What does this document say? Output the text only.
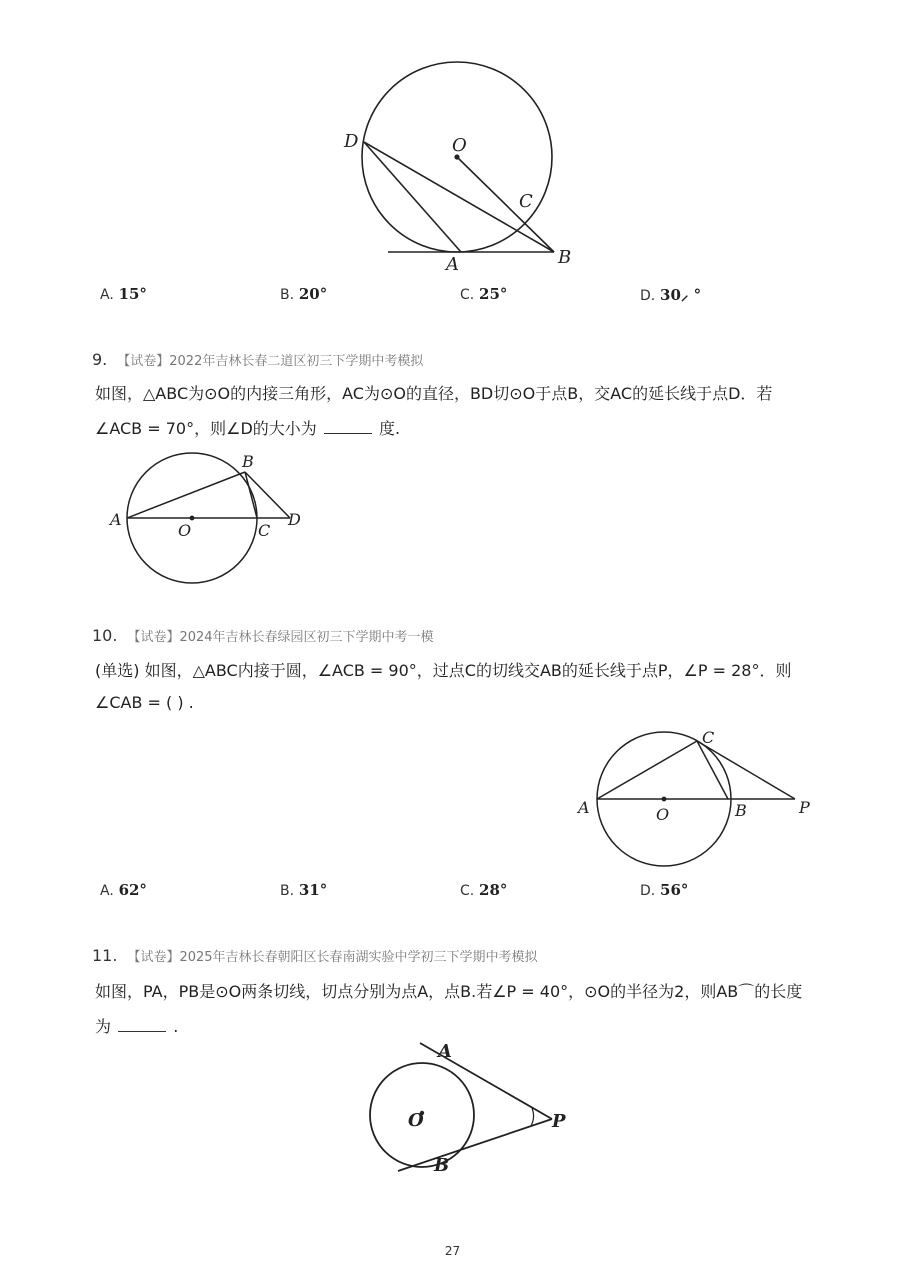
D	O
C
A	B
A. 15°	B. 20°	C. 25°	D. 30⸝ °
9. 【试卷】2022年吉林长春二道区初三下学期中考模拟
如图，△ABC为⊙O的内接三角形，AC为⊙O的直径，BD切⊙O于点B，交AC的延长线于点D．若
∠ACB = 70°，则∠D的大小为	度.
A
B
O	C
D
10. 【试卷】2024年吉林长春绿园区初三下学期中考一模
(单选) 如图，△ABC内接于圆，∠ACB = 90°，过点C的切线交AB的延长线于点P，∠P = 28°．则
∠CAB = ( ) .
A	O	B
C
P
A. 62°	B. 31°	C. 28°	D. 56°
11. 【试卷】2025年吉林长春朝阳区长春南湖实验中学初三下学期中考模拟
如图，PA，PB是⊙O两条切线，切点分别为点A，点B.若∠P = 40°，⊙O的半径为2，则AB⌒的长度
为	.
A
O
B
P
27
